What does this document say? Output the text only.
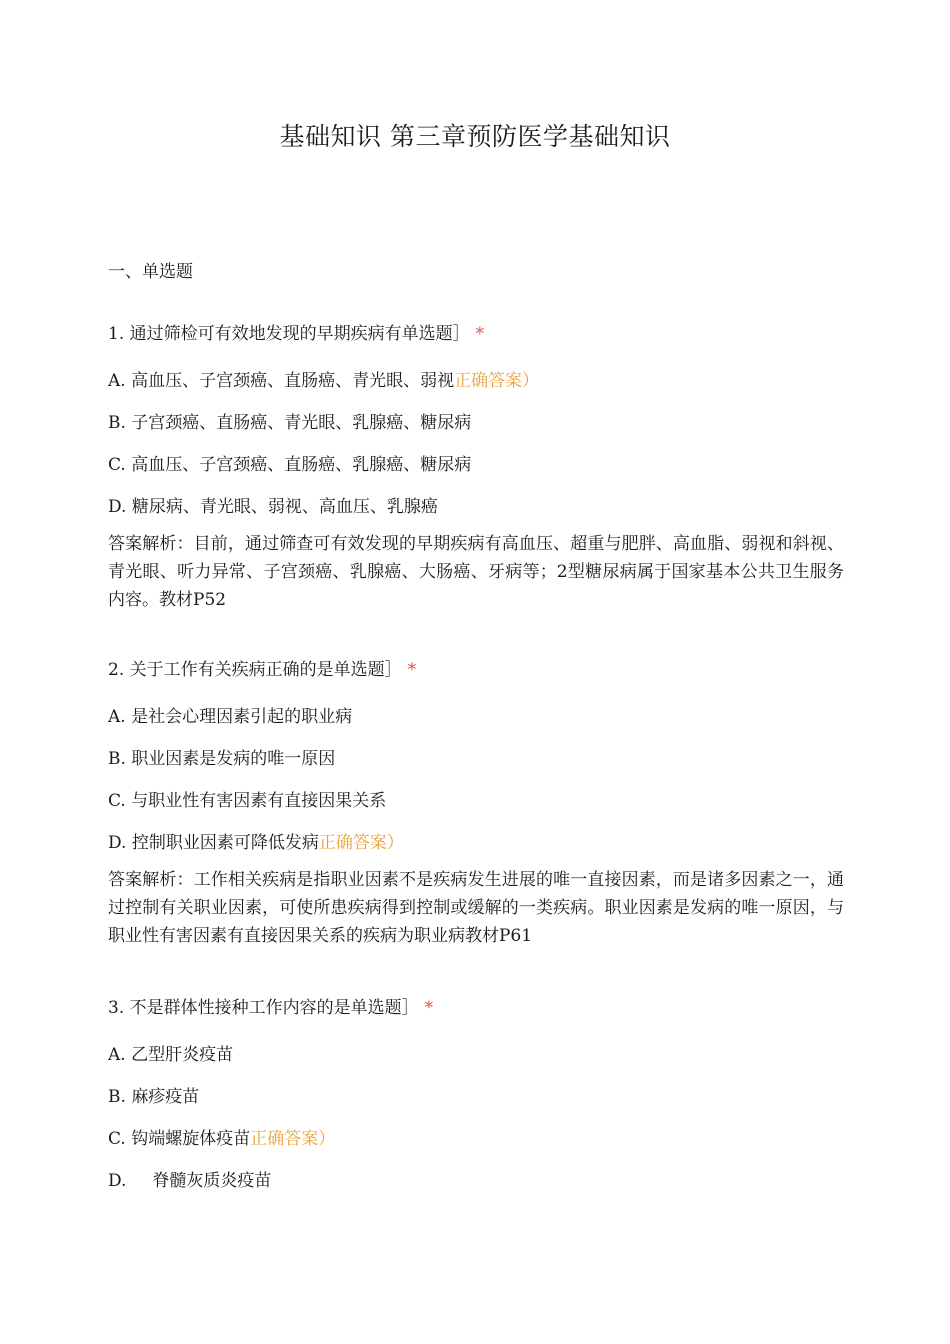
基础知识 第三章预防医学基础知识
一、单选题
1. 通过筛检可有效地发现的早期疾病有单选题］ *
A. 高血压、子宫颈癌、直肠癌、青光眼、弱视正确答案）
B. 子宫颈癌、直肠癌、青光眼、乳腺癌、糖尿病
C. 高血压、子宫颈癌、直肠癌、乳腺癌、糖尿病
D. 糖尿病、青光眼、弱视、高血压、乳腺癌
答案解析：目前，通过筛查可有效发现的早期疾病有高血压、超重与肥胖、高血脂、弱视和斜视、青光眼、听力异常、子宫颈癌、乳腺癌、大肠癌、牙病等；2型糖尿病属于国家基本公共卫生服务内容。教材P52
2. 关于工作有关疾病正确的是单选题］ *
A. 是社会心理因素引起的职业病
B. 职业因素是发病的唯一原因
C. 与职业性有害因素有直接因果关系
D. 控制职业因素可降低发病正确答案）
答案解析：工作相关疾病是指职业因素不是疾病发生进展的唯一直接因素，而是诸多因素之一，通过控制有关职业因素，可使所患疾病得到控制或缓解的一类疾病。职业因素是发病的唯一原因，与职业性有害因素有直接因果关系的疾病为职业病教材P61
3. 不是群体性接种工作内容的是单选题］ *
A. 乙型肝炎疫苗
B. 麻疹疫苗
C. 钩端螺旋体疫苗正确答案）
D. 脊髓灰质炎疫苗
